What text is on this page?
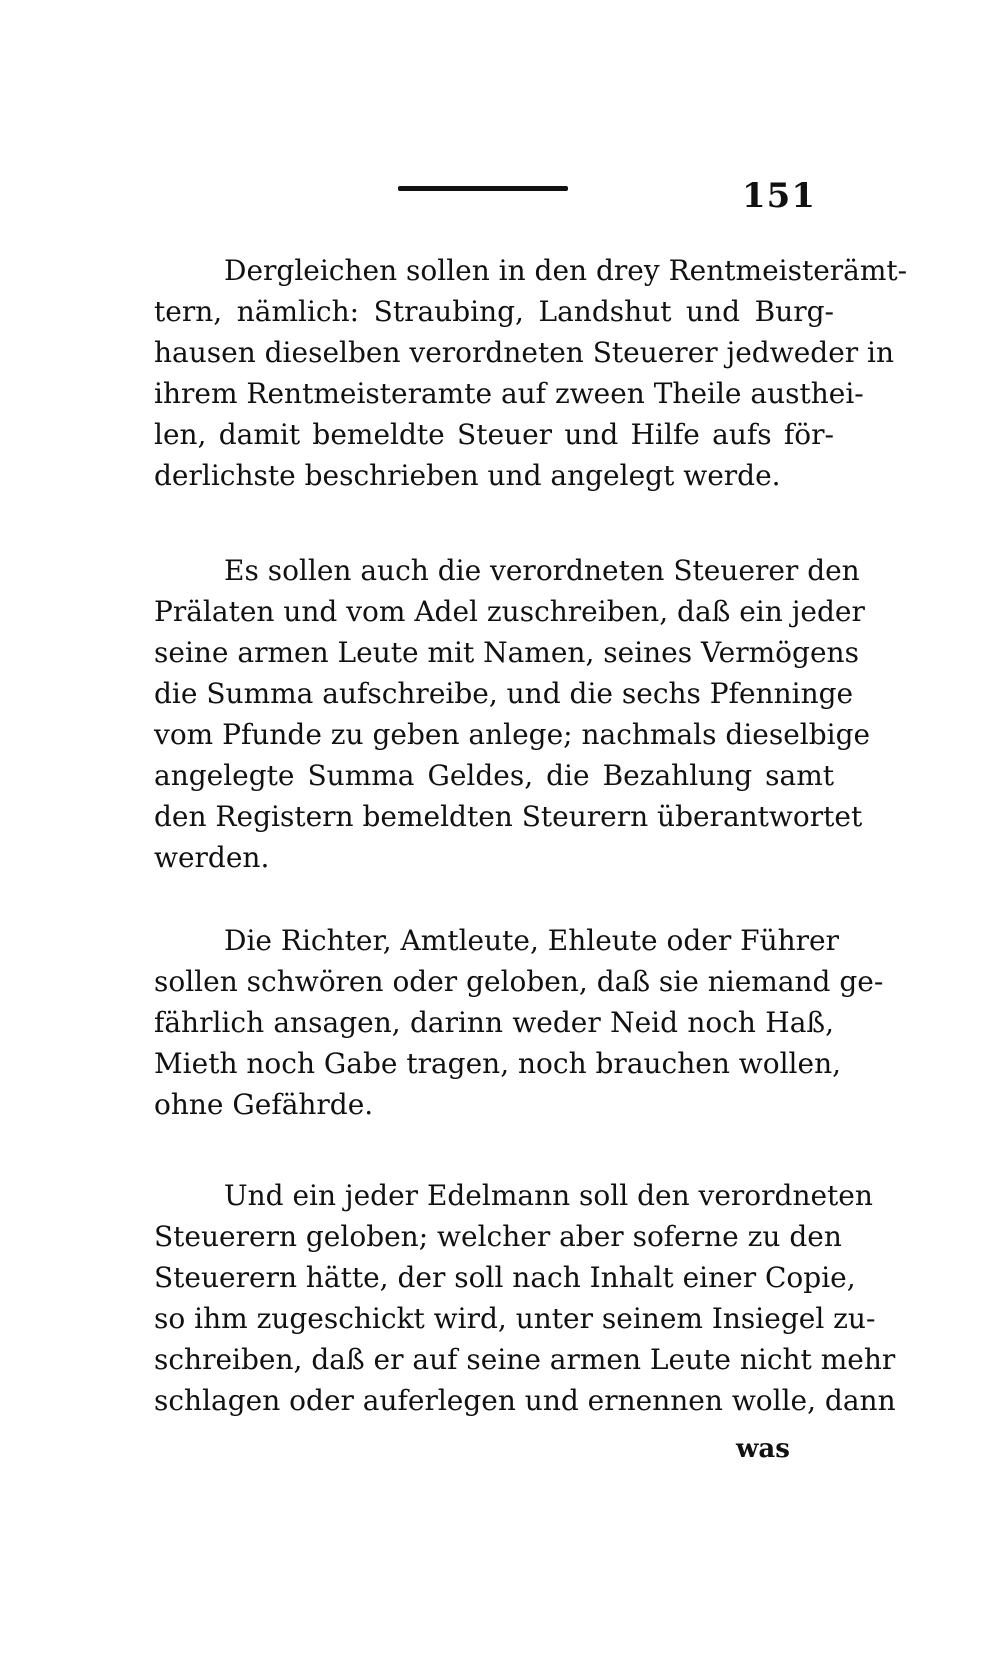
151
Dergleichen sollen in den drey Rentmeisterämt-
tern, nämlich: Straubing, Landshut und Burg-
hausen dieselben verordneten Steuerer jedweder in
ihrem Rentmeisteramte auf zween Theile austhei-
len, damit bemeldte Steuer und Hilfe aufs för-
derlichste beschrieben und angelegt werde.
Es sollen auch die verordneten Steuerer den
Prälaten und vom Adel zuschreiben, daß ein jeder
seine armen Leute mit Namen, seines Vermögens
die Summa aufschreibe, und die sechs Pfenninge
vom Pfunde zu geben anlege; nachmals dieselbige
angelegte Summa Geldes, die Bezahlung samt
den Registern bemeldten Steurern überantwortet
werden.
Die Richter, Amtleute, Ehleute oder Führer
sollen schwören oder geloben, daß sie niemand ge-
fährlich ansagen, darinn weder Neid noch Haß,
Mieth noch Gabe tragen, noch brauchen wollen,
ohne Gefährde.
Und ein jeder Edelmann soll den verordneten
Steuerern geloben; welcher aber soferne zu den
Steuerern hätte, der soll nach Inhalt einer Copie,
so ihm zugeschickt wird, unter seinem Insiegel zu-
schreiben, daß er auf seine armen Leute nicht mehr
schlagen oder auferlegen und ernennen wolle, dann
was
